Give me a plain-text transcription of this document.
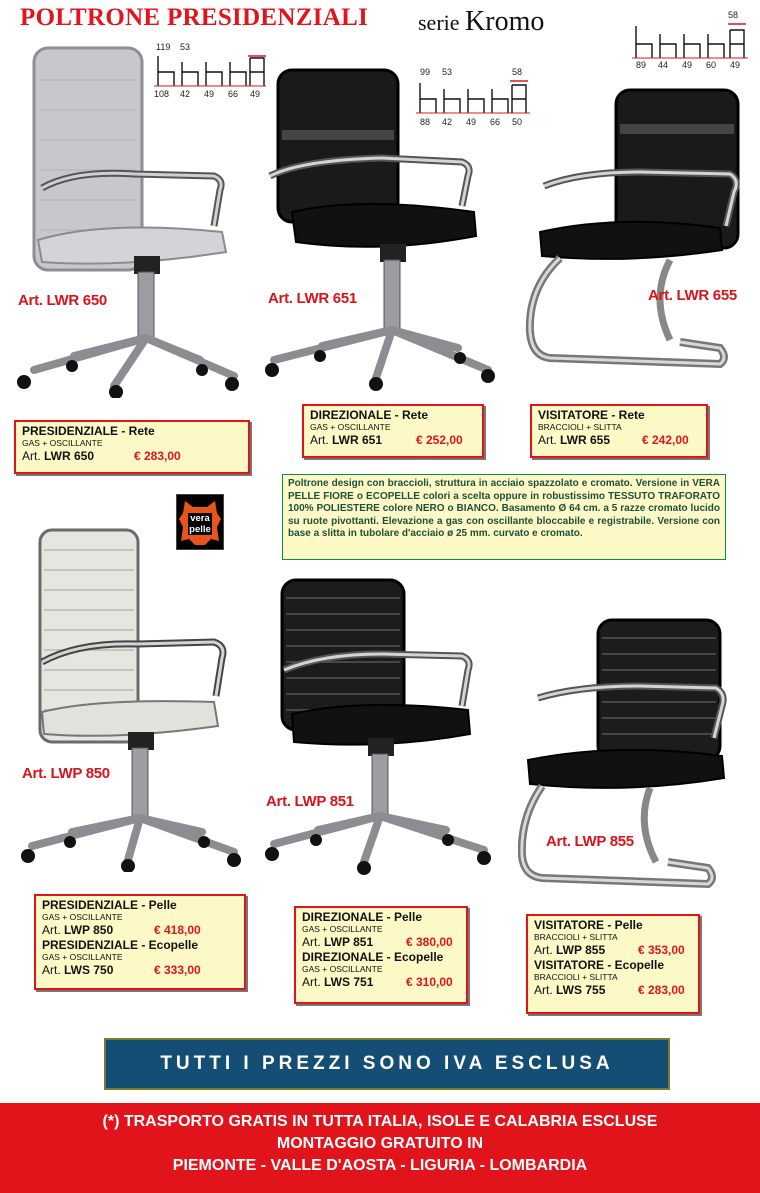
POLTRONE PRESIDENZIALI serie Kromo
119 53
108 42 49 66 49
99 53	58
88 42 49 66 50
58
89 44 49 60 49
Art. LWR 650	Art. LWR 651	Art. LWR 655
PRESIDENZIALE - Rete
GAS + OSCILLANTE
Art. LWR 650	€ 283,00
DIREZIONALE - Rete
GAS + OSCILLANTE
Art. LWR 651	€ 252,00
VISITATORE - Rete
BRACCIOLI + SLITTA
Art. LWR 655	€ 242,00
vera
pelle
Poltrone design con braccioli, struttura in acciaio spazzolato e cromato. Versione in VERA PELLE FIORE o ECOPELLE colori a scelta oppure in robustissimo TESSUTO TRAFORATO 100% POLIESTERE colore NERO o BIANCO. Basamento Ø 64 cm. a 5 razze cromato lucido su ruote pivottanti. Elevazione a gas con oscillante bloccabile e registrabile. Versione con base a slitta in tubolare d'acciaio ø 25 mm. curvato e cromato.
Art. LWP 850
Art. LWP 851
Art. LWP 855
PRESIDENZIALE - Pelle
GAS + OSCILLANTE
Art. LWP 850	€ 418,00
PRESIDENZIALE - Ecopelle
GAS + OSCILLANTE
Art. LWS 750	€ 333,00
DIREZIONALE - Pelle
GAS + OSCILLANTE
Art. LWP 851	€ 380,00
DIREZIONALE - Ecopelle
GAS + OSCILLANTE
Art. LWS 751	€ 310,00
VISITATORE - Pelle
BRACCIOLI + SLITTA
Art. LWP 855	€ 353,00
VISITATORE - Ecopelle
BRACCIOLI + SLITTA
Art. LWS 755	€ 283,00
TUTTI I PREZZI SONO IVA ESCLUSA
(*) TRASPORTO GRATIS IN TUTTA ITALIA, ISOLE E CALABRIA ESCLUSE
MONTAGGIO GRATUITO IN
PIEMONTE - VALLE D'AOSTA - LIGURIA - LOMBARDIA
